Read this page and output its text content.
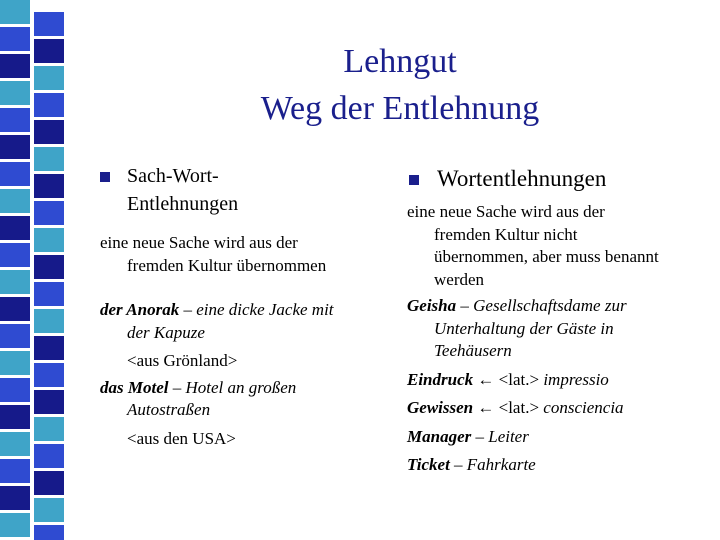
Lehngut
Weg der Entlehnung
Sach-Wort-
Entlehnungen
eine neue Sache wird aus der
fremden Kultur übernommen
der Anorak – eine dicke Jacke mit
der Kapuze
<aus Grönland>
das Motel – Hotel an großen
Autostraßen
<aus den USA>
Wortentlehnungen
eine neue Sache wird aus der
fremden Kultur nicht
übernommen, aber muss benannt
werden
Geisha – Gesellschaftsdame zur
Unterhaltung der Gäste in
Teehäusern
Eindruck ← <lat.> impressio
Gewissen ← <lat.> consciencia
Manager – Leiter
Ticket – Fahrkarte
